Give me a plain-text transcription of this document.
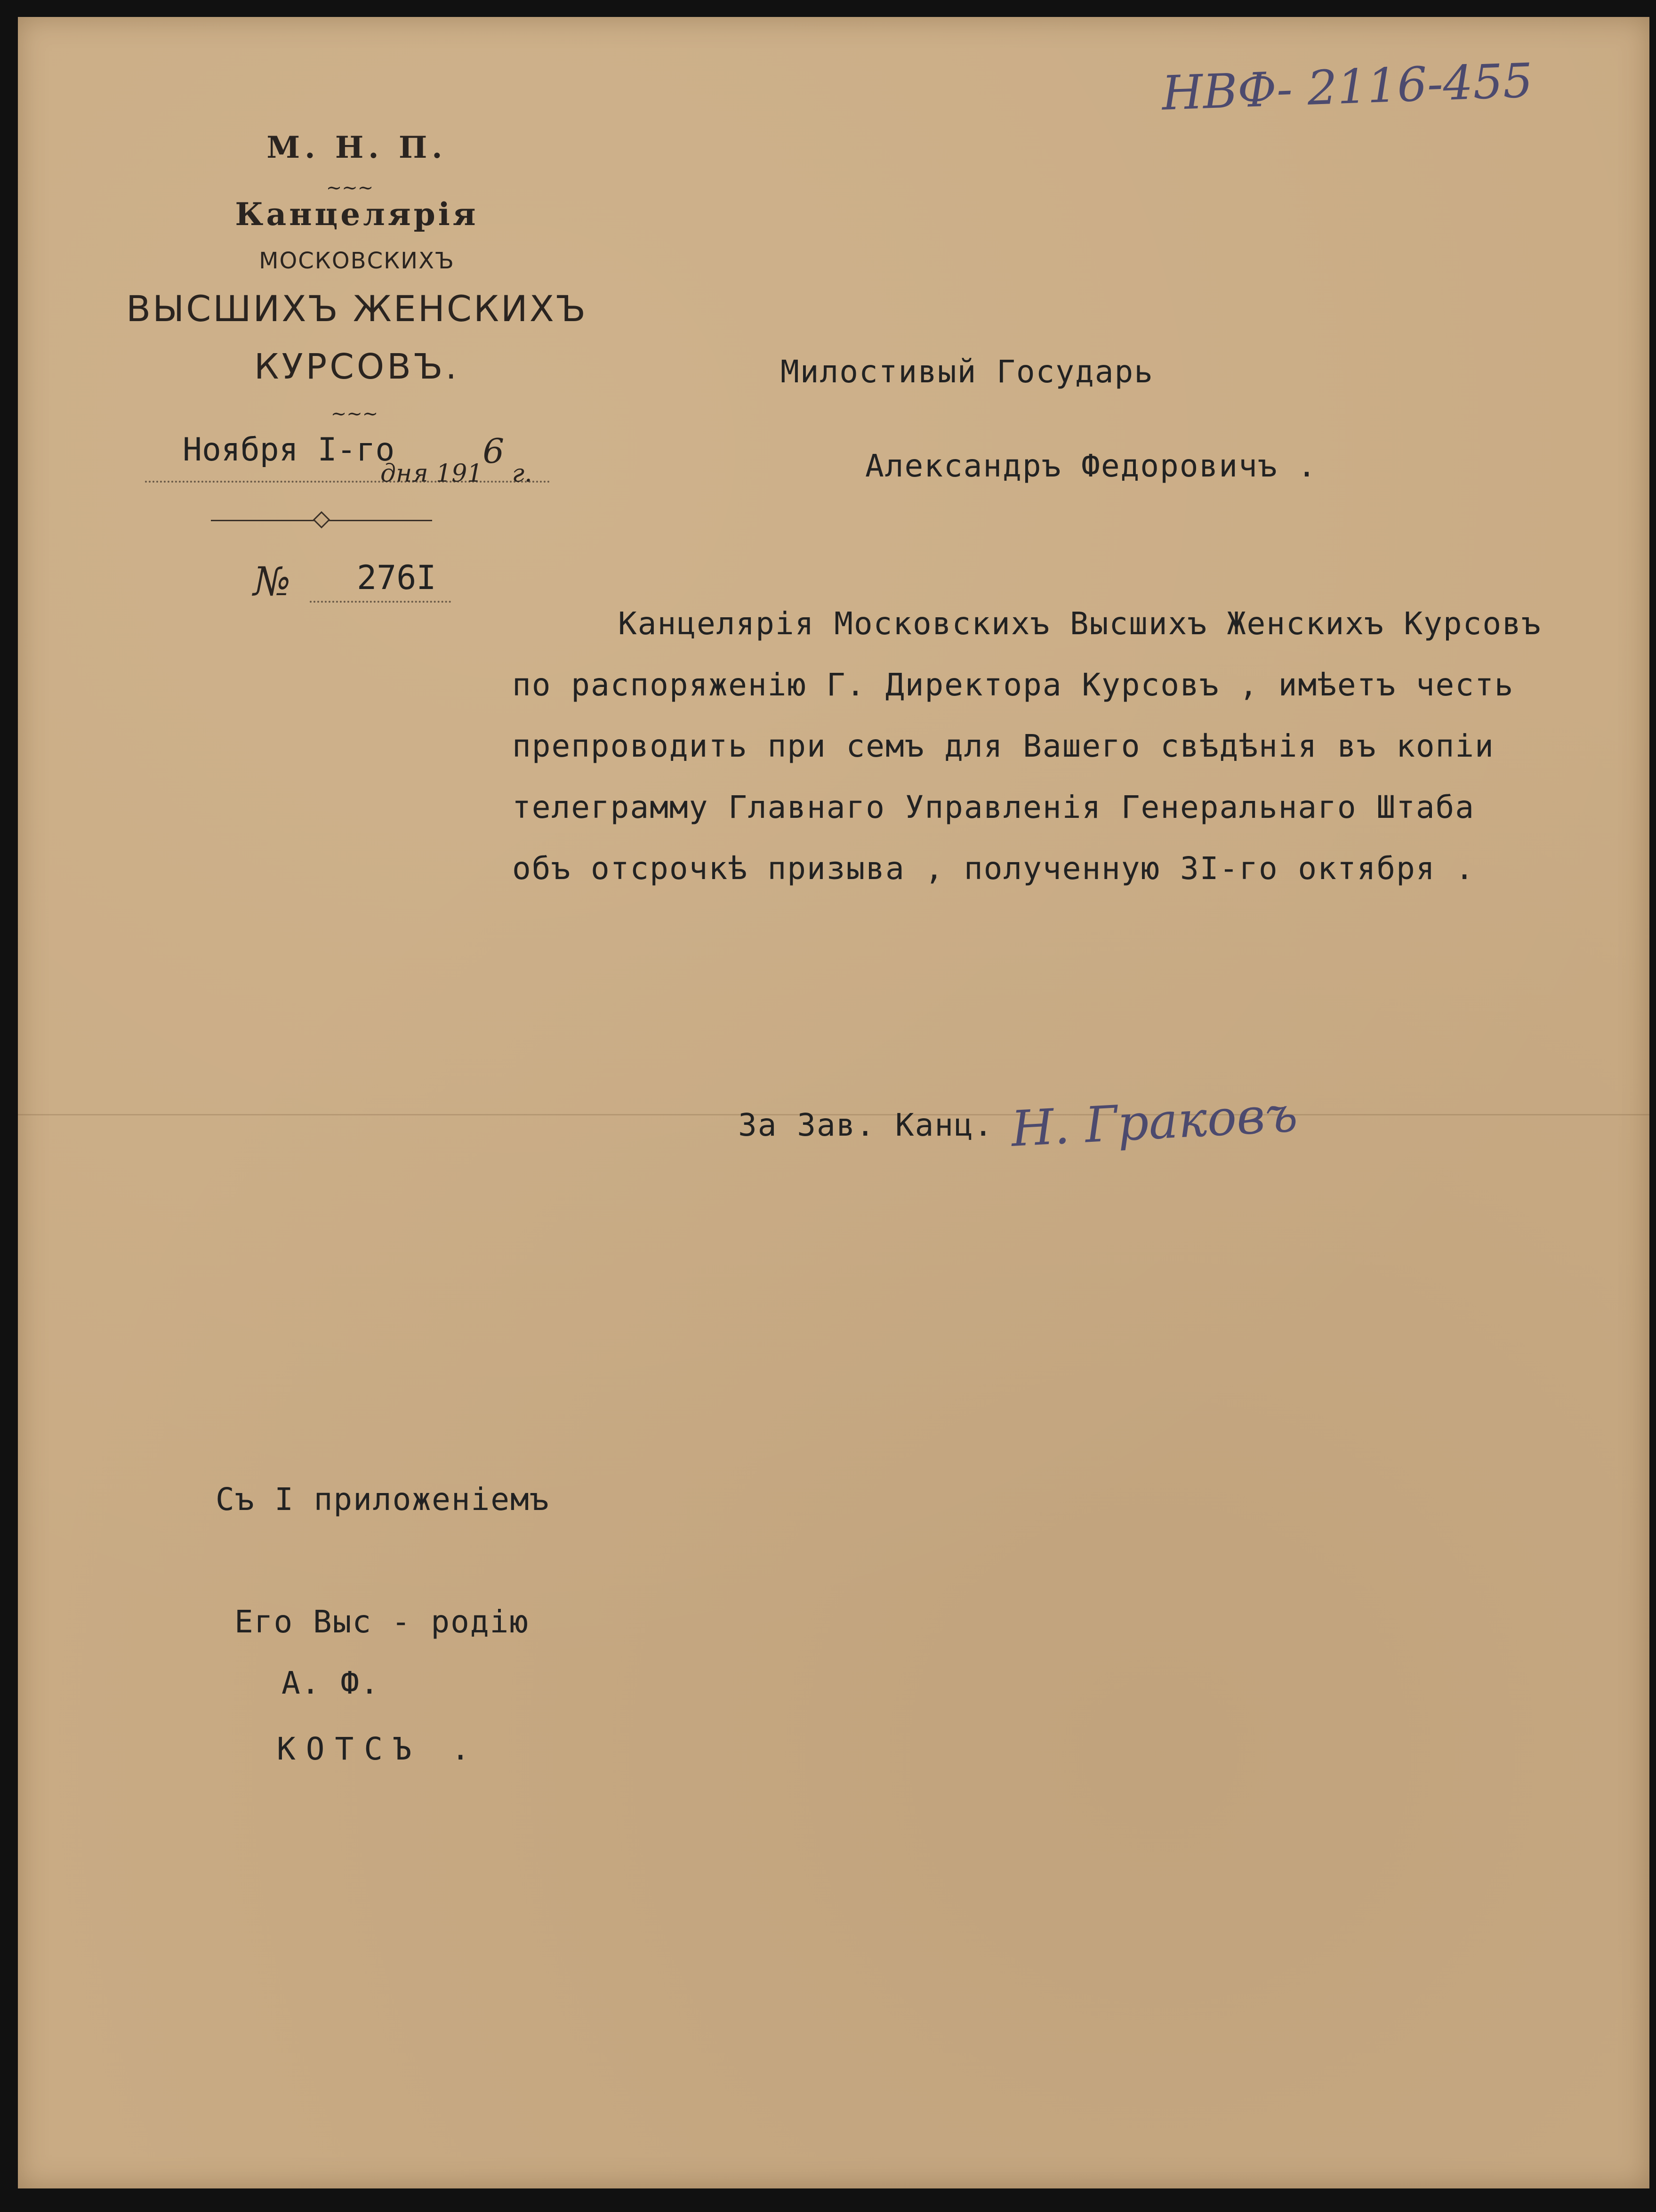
НВФ- 2116-455
М. Н. П.
~~~
Канцелярія
МОСКОВСКИХЪ
ВЫСШИХЪ ЖЕНСКИХЪ
КУРСОВЪ.
~~~
Ноября I-го
дня 1916 г.
№ 276I
Милостивый Государь
Александръ Федоровичъ .
Канцелярія Московскихъ Высшихъ Женскихъ Курсовъ
по распоряженію Г. Директора Курсовъ , имѣетъ честь
препроводить при семъ для Вашего свѣдѣнія въ копіи
телеграмму Главнаго Управленія Генеральнаго Штаба
объ отсрочкѣ призыва , полученную 3I-го октября .
За Зав. Канц. Н. Граковъ
Съ I приложеніемъ
Его Выс - родію
А. Ф.
КОТСЪ .
